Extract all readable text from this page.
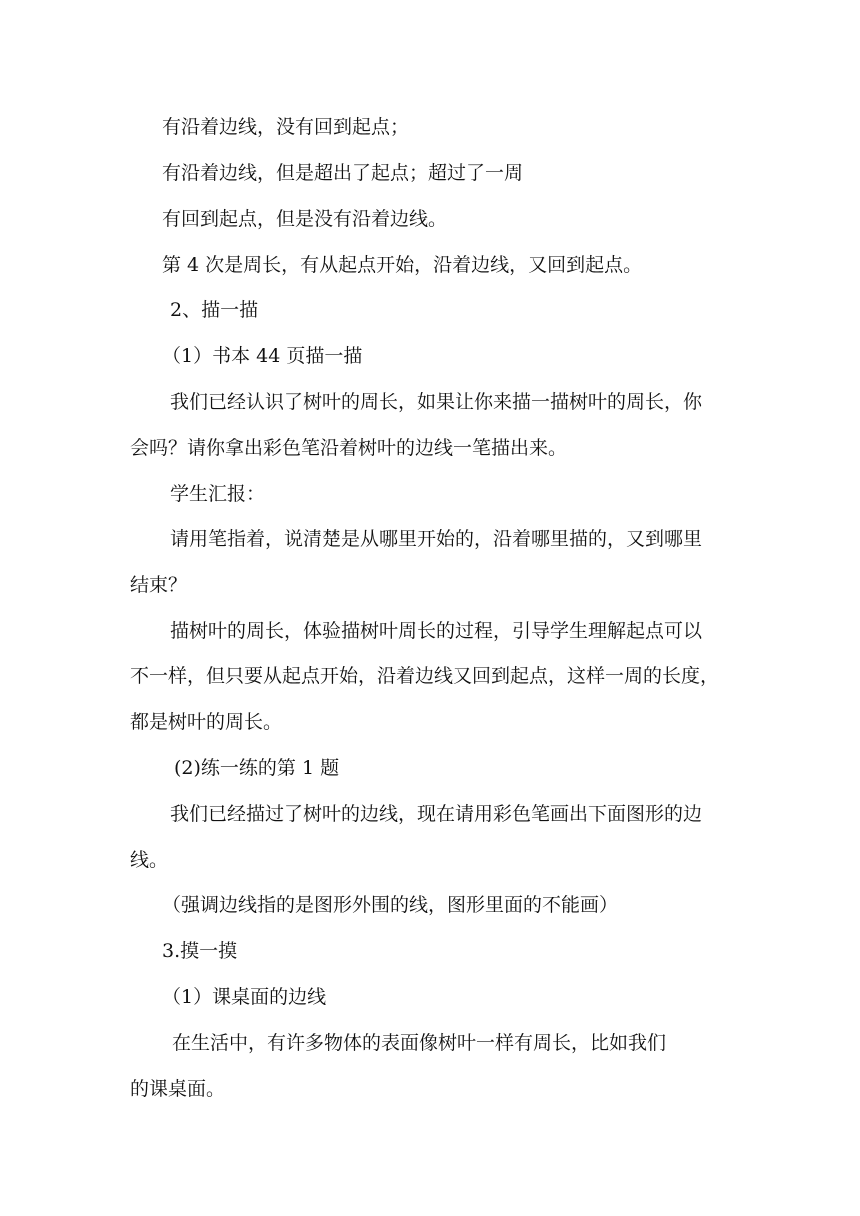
有沿着边线，没有回到起点；
有沿着边线，但是超出了起点；超过了一周
有回到起点，但是没有沿着边线。
第 4 次是周长，有从起点开始，沿着边线，又回到起点。
2、描一描
（1）书本 44 页描一描
我们已经认识了树叶的周长，如果让你来描一描树叶的周长，你
会吗？请你拿出彩色笔沿着树叶的边线一笔描出来。
学生汇报：
请用笔指着，说清楚是从哪里开始的，沿着哪里描的，又到哪里
结束？
描树叶的周长，体验描树叶周长的过程，引导学生理解起点可以
不一样，但只要从起点开始，沿着边线又回到起点，这样一周的长度，
都是树叶的周长。
(2)练一练的第 1 题
我们已经描过了树叶的边线，现在请用彩色笔画出下面图形的边
线。
（强调边线指的是图形外围的线，图形里面的不能画）
3.摸一摸
（1）课桌面的边线
在生活中，有许多物体的表面像树叶一样有周长，比如我们
的课桌面。
